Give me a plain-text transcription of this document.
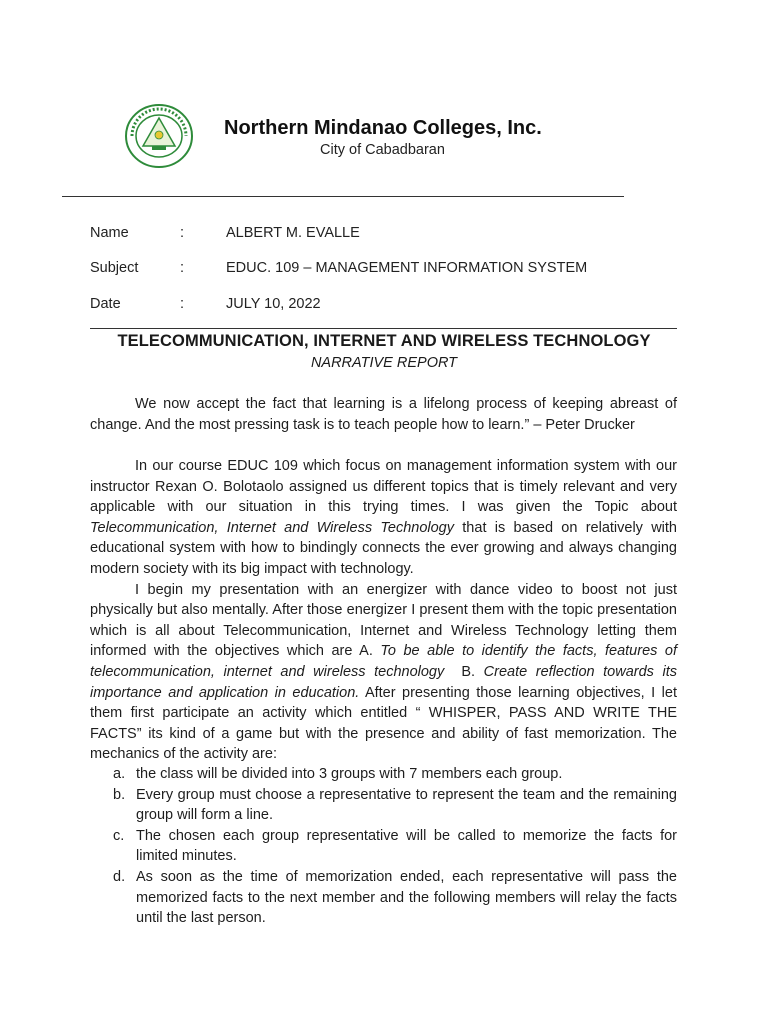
Northern Mindanao Colleges, Inc.
City of Cabadbaran
Name	:	ALBERT M. EVALLE
Subject	:	EDUC. 109 – MANAGEMENT INFORMATION SYSTEM
Date	:	JULY 10, 2022
TELECOMMUNICATION, INTERNET AND WIRELESS TECHNOLOGY
NARRATIVE REPORT

We now accept the fact that learning is a lifelong process of keeping abreast of change. And the most pressing task is to teach people how to learn.” – Peter Drucker

In our course EDUC 109 which focus on management information system with our instructor Rexan O. Bolotaolo assigned us different topics that is timely relevant and very applicable with our situation in this trying times. I was given the Topic about Telecommunication, Internet and Wireless Technology that is based on relatively with educational system with how to bindingly connects the ever growing and always changing modern society with its big impact with technology.

I begin my presentation with an energizer with dance video to boost not just physically but also mentally. After those energizer I present them with the topic presentation which is all about Telecommunication, Internet and Wireless Technology letting them informed with the objectives which are A. To be able to identify the facts, features of telecommunication, internet and wireless technology  B. Create reflection towards its importance and application in education. After presenting those learning objectives, I let them first participate an activity which entitled “ WHISPER, PASS AND WRITE THE FACTS” its kind of a game but with the presence and ability of fast memorization. The mechanics of the activity are:

a. the class will be divided into 3 groups with 7 members each group.
b. Every group must choose a representative to represent the team and the remaining group will form a line.
c. The chosen each group representative will be called to memorize the facts for limited minutes.
d. As soon as the time of memorization ended, each representative will pass the memorized facts to the next member and the following members will relay the facts until the last person.
